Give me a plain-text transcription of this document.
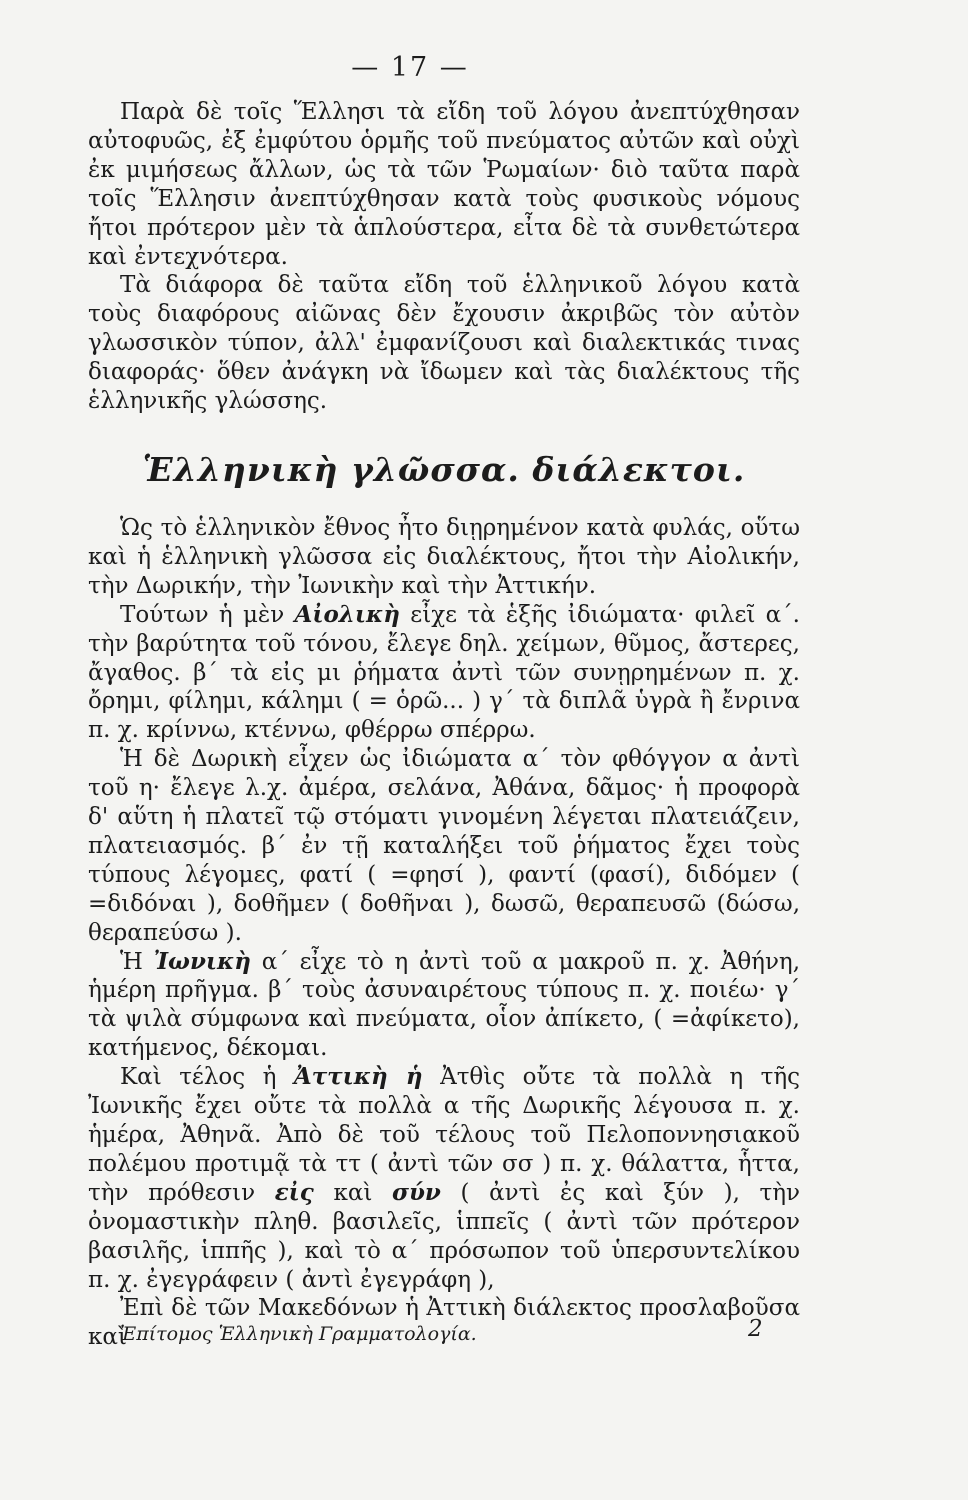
— 17 —

Παρὰ δὲ τοῖς Ἕλλησι τὰ εἴδη τοῦ λόγου ἀνεπτύχθησαν αὐτοφυῶς, ἐξ ἐμφύτου ὁρμῆς τοῦ πνεύματος αὐτῶν καὶ οὐχὶ ἐκ μιμήσεως ἄλλων, ὡς τὰ τῶν Ῥωμαίων· διὸ ταῦτα παρὰ τοῖς Ἕλλησιν ἀνεπτύχθησαν κατὰ τοὺς φυσικοὺς νόμους ἤτοι πρότερον μὲν τὰ ἁπλούστερα, εἶτα δὲ τὰ συνθετώτερα καὶ ἐντεχνότερα.

Τὰ διάφορα δὲ ταῦτα εἴδη τοῦ ἑλληνικοῦ λόγου κατὰ τοὺς διαφόρους αἰῶνας δὲν ἔχουσιν ἀκριβῶς τὸν αὐτὸν γλωσσικὸν τύπον, ἀλλ' ἐμφανίζουσι καὶ διαλεκτικάς τινας διαφοράς· ὅθεν ἀνάγκη νὰ ἴδωμεν καὶ τὰς διαλέκτους τῆς ἑλληνικῆς γλώσσης.

Ἑλληνικὴ γλῶσσα. διάλεκτοι.

Ὡς τὸ ἑλληνικὸν ἔθνος ἦτο διῃρημένον κατὰ φυλάς, οὕτω καὶ ἡ ἑλληνικὴ γλῶσσα εἰς διαλέκτους, ἤτοι τὴν Αἰολικήν, τὴν Δωρικήν, τὴν Ἰωνικὴν καὶ τὴν Ἀττικήν.

Τούτων ἡ μὲν Αἰολικὴ εἶχε τὰ ἑξῆς ἰδιώματα· φιλεῖ α΄. τὴν βαρύτητα τοῦ τόνου, ἔλεγε δηλ. χείμων, θῦμος, ἄστερες, ἄγαθος. β΄ τὰ εἰς μι ῥήματα ἀντὶ τῶν συνῃρημένων π. χ. ὄρημι, φίλημι, κάλημι ( = ὁρῶ... ) γ΄ τὰ διπλᾶ ὑγρὰ ἢ ἔνρινα π. χ. κρίννω, κτέννω, φθέρρω σπέρρω.

Ἡ δὲ Δωρικὴ εἶχεν ὡς ἰδιώματα α΄ τὸν φθόγγον α ἀντὶ τοῦ η· ἔλεγε λ.χ. ἀμέρα, σελάνα, Ἀθάνα, δᾶμος· ἡ προφορὰ δ' αὕτη ἡ πλατεῖ τῷ στόματι γινομένη λέγεται πλατειάζειν, πλατειασμός. β΄ ἐν τῇ καταλήξει τοῦ ῥήματος ἔχει τοὺς τύπους λέγομες, φατί ( =φησί ), φαντί (φασί), διδόμεν ( =διδόναι ), δοθῆμεν ( δοθῆναι ), δωσῶ, θεραπευσῶ (δώσω, θεραπεύσω ).

Ἡ Ἰωνικὴ α΄ εἶχε τὸ η ἀντὶ τοῦ α μακροῦ π. χ. Ἀθήνη, ἡμέρη πρῆγμα. β΄ τοὺς ἀσυναιρέτους τύπους π. χ. ποιέω· γ΄ τὰ ψιλὰ σύμφωνα καὶ πνεύματα, οἷον ἀπίκετο, ( =ἀφίκετο), κατήμενος, δέκομαι.

Καὶ τέλος ἡ Ἀττικὴ ἡ Ἀτθὶς οὔτε τὰ πολλὰ η τῆς Ἰωνικῆς ἔχει οὔτε τὰ πολλὰ α τῆς Δωρικῆς λέγουσα π. χ. ἡμέρα, Ἀθηνᾶ. Ἀπὸ δὲ τοῦ τέλους τοῦ Πελοποννησιακοῦ πολέμου προτιμᾷ τὰ ττ ( ἀντὶ τῶν σσ ) π. χ. θάλαττα, ἧττα, τὴν πρόθεσιν εἰς καὶ σύν ( ἀντὶ ἐς καὶ ξύν ), τὴν ὀνομαστικὴν πληθ. βασιλεῖς, ἱππεῖς ( ἀντὶ τῶν πρότερον βασιλῆς, ἱππῆς ), καὶ τὸ α΄ πρόσωπον τοῦ ὑπερσυντελίκου π. χ. ἐγεγράφειν ( ἀντὶ ἐγεγράφη ),

Ἐπὶ δὲ τῶν Μακεδόνων ἡ Ἀττικὴ διάλεκτος προσλαβοῦσα καὶ

Ἐπίτομος Ἑλληνικὴ Γραμματολογία.	2
